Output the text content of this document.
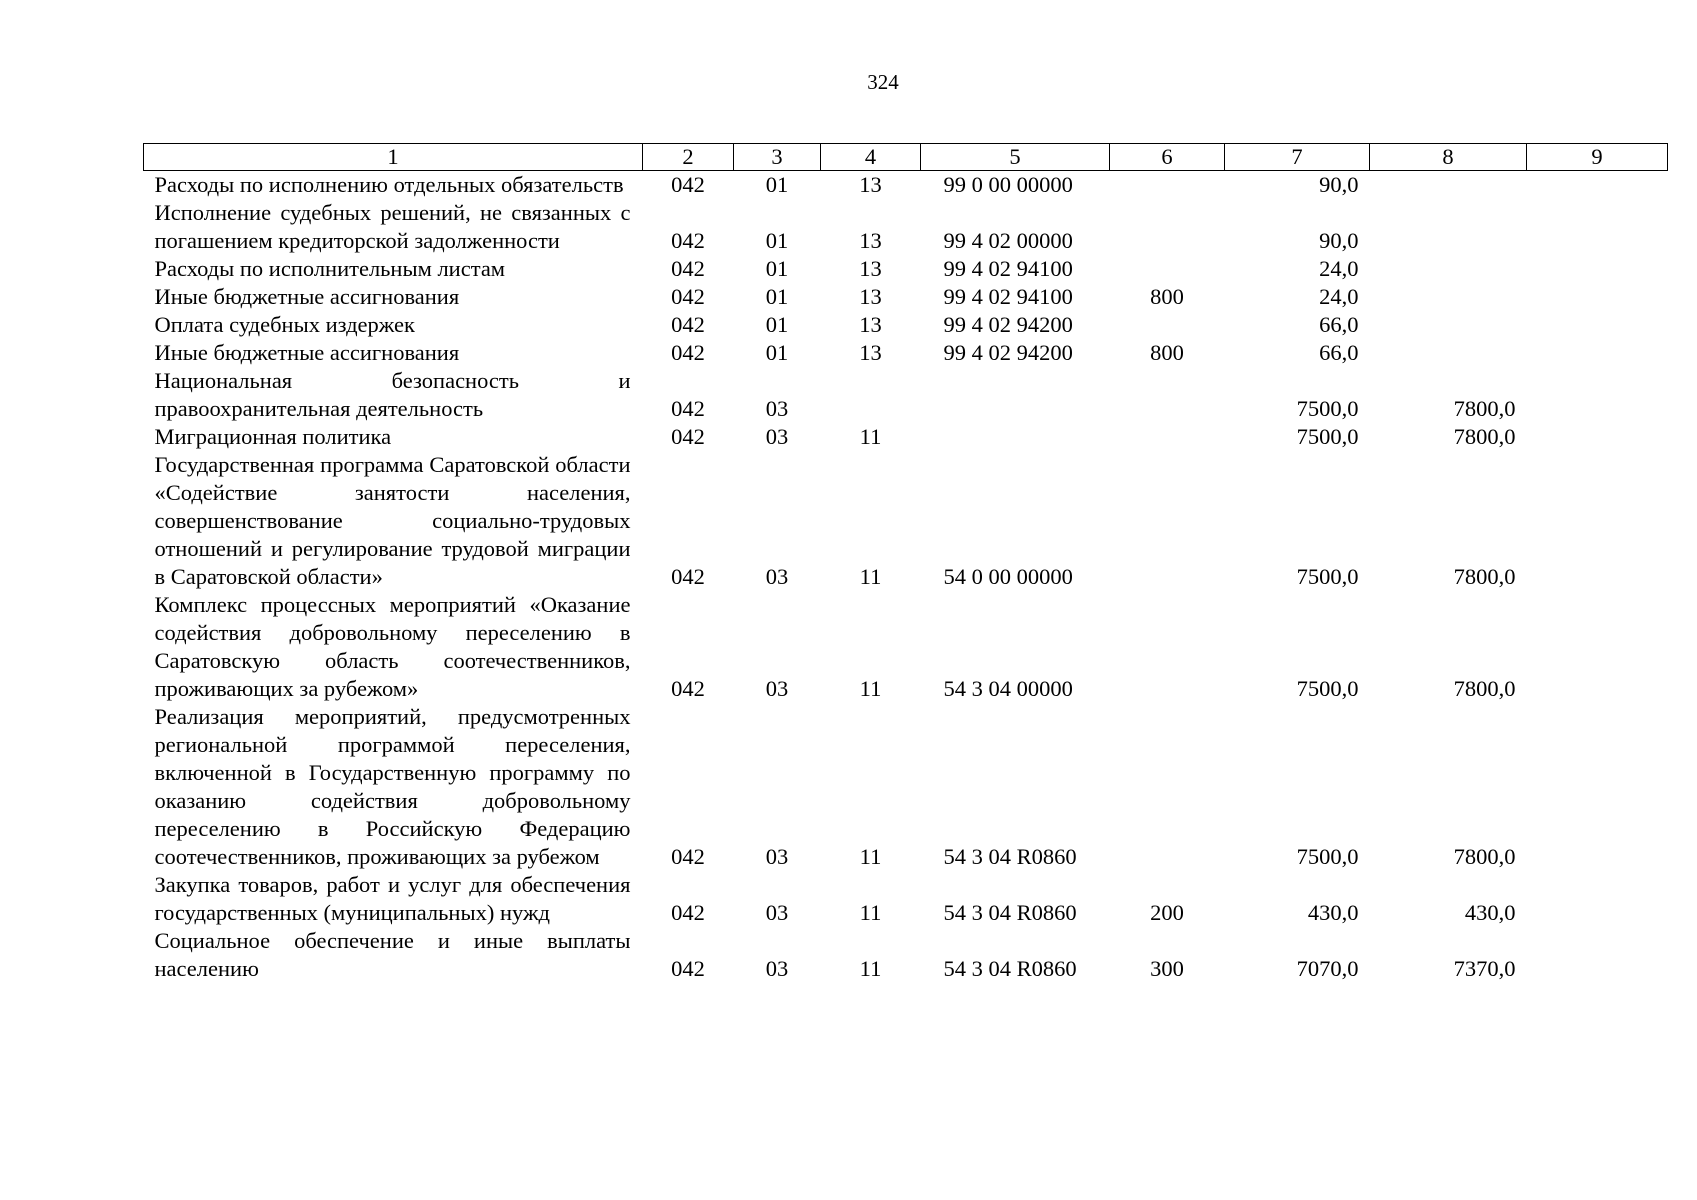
324
1	2	3	4	5	6	7	8	9
Расходы по исполнению отдельных обязательств	042	01	13	99 0 00 00000		90,0		
Исполнение судебных решений, не связанных с погашением кредиторской задолженности	042	01	13	99 4 02 00000		90,0		
Расходы по исполнительным листам	042	01	13	99 4 02 94100		24,0		
Иные бюджетные ассигнования	042	01	13	99 4 02 94100	800	24,0		
Оплата судебных издержек	042	01	13	99 4 02 94200		66,0		
Иные бюджетные ассигнования	042	01	13	99 4 02 94200	800	66,0		
Национальная безопасность и правоохранительная деятельность	042	03				7500,0	7800,0	
Миграционная политика	042	03	11			7500,0	7800,0	
Государственная программа Саратовской области «Содействие занятости населения, совершенствование социально-трудовых отношений и регулирование трудовой миграции в Саратовской области»	042	03	11	54 0 00 00000		7500,0	7800,0	
Комплекс процессных мероприятий «Оказание содействия добровольному переселению в Саратовскую область соотечественников, проживающих за рубежом»	042	03	11	54 3 04 00000		7500,0	7800,0	
Реализация мероприятий, предусмотренных региональной программой переселения, включенной в Государственную программу по оказанию содействия добровольному переселению в Российскую Федерацию соотечественников, проживающих за рубежом	042	03	11	54 3 04 R0860		7500,0	7800,0	
Закупка товаров, работ и услуг для обеспечения государственных (муниципальных) нужд	042	03	11	54 3 04 R0860	200	430,0	430,0	
Социальное обеспечение и иные выплаты населению	042	03	11	54 3 04 R0860	300	7070,0	7370,0	
